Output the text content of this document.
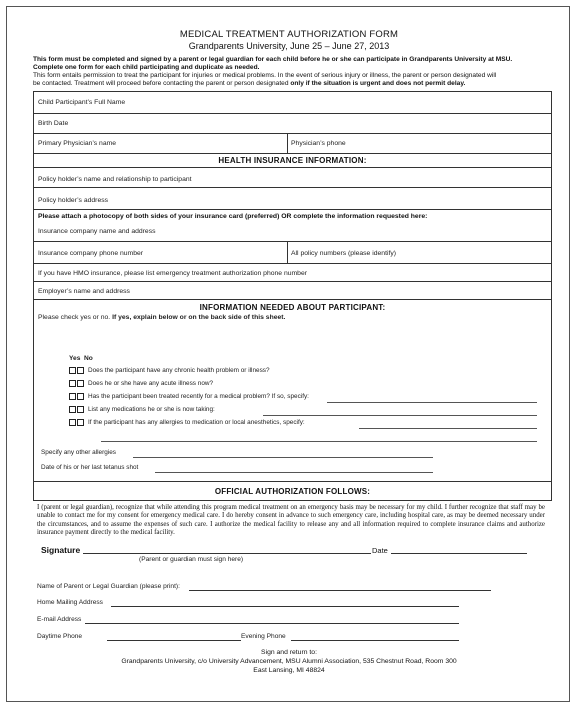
MEDICAL TREATMENT AUTHORIZATION FORM
Grandparents University, June 25 – June 27, 2013
This form must be completed and signed by a parent or legal guardian for each child before he or she can participate in Grandparents University at MSU.
Complete one form for each child participating and duplicate as needed.
This form entails permission to treat the participant for injuries or medical problems. In the event of serious injury or illness, the parent or person designated will
be contacted. Treatment will proceed before contacting the parent or person designated only if the situation is urgent and does not permit delay.
Child Participant’s Full Name
Birth Date
Primary Physician’s name	Physician’s phone
HEALTH INSURANCE INFORMATION:
Policy holder’s name and relationship to participant
Policy holder’s address
Please attach a photocopy of both sides of your insurance card (preferred) OR complete the information requested here:
Insurance company name and address
Insurance company phone number	All policy numbers (please identify)
If you have HMO insurance, please list emergency treatment authorization phone number
Employer’s name and address
INFORMATION NEEDED ABOUT PARTICIPANT:
Please check yes or no. If yes, explain below or on the back side of this sheet.
OFFICIAL AUTHORIZATION FOLLOWS:
Yes No
Does the participant have any chronic health problem or illness?
Does he or she have any acute illness now?
Has the participant been treated recently for a medical problem? If so, specify:
List any medications he or she is now taking:
If the participant has any allergies to medication or local anesthetics, specify:
Specify any other allergies
Date of his or her last tetanus shot
I (parent or legal guardian), recognize that while attending this program medical treatment on an emergency basis may be necessary for my child. I further recognize that staff may be unable to contact me for my consent for emergency medical care. I do hereby consent in advance to such emergency care, including hospital care, as may be deemed necessary under the circumstances, and to assume the expenses of such care. I authorize the medical facility to release any and all information required to complete insurance claims and authorize insurance payment directly to the medical facility.
Signature	Date
(Parent or guardian must sign here)
Name of Parent or Legal Guardian (please print):
Home Mailing Address
E-mail Address
Daytime Phone	Evening Phone
Sign and return to:
Grandparents University, c/o University Advancement, MSU Alumni Association, 535 Chestnut Road, Room 300
East Lansing, MI 48824
